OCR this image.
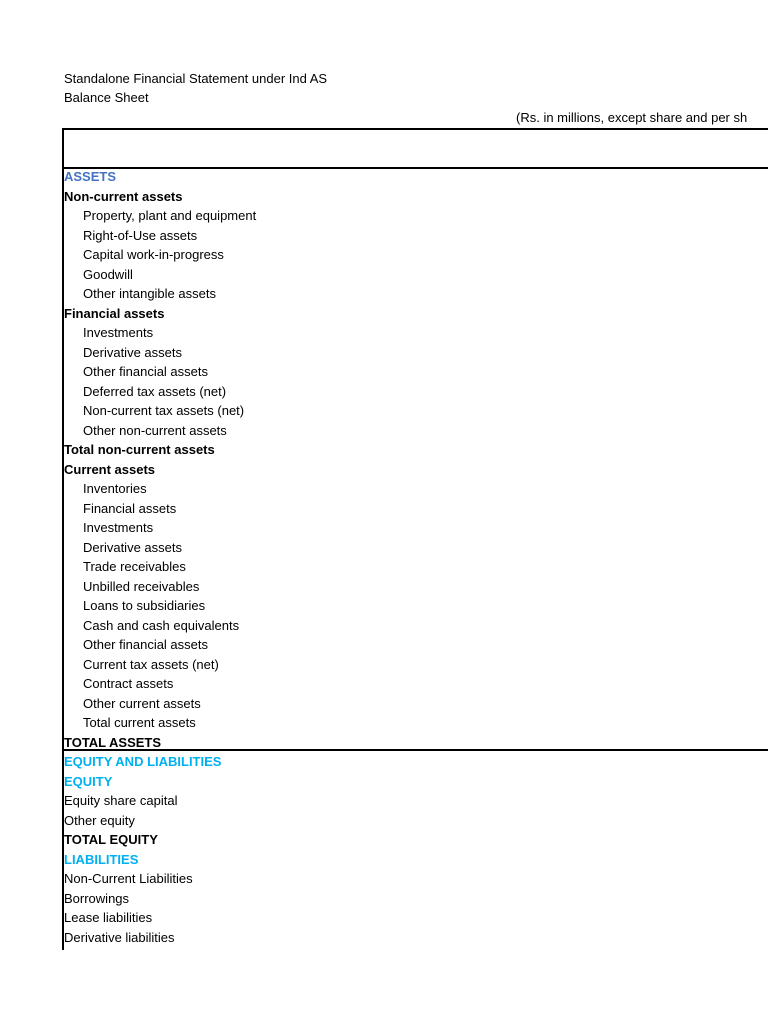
Standalone Financial Statement under Ind AS
Balance Sheet
(Rs. in millions, except share and per sh
ASSETS
Non-current assets
Property, plant and equipment
Right-of-Use assets
Capital work-in-progress
Goodwill
Other intangible assets
Financial assets
Investments
Derivative assets
Other financial assets
Deferred tax assets (net)
Non-current tax assets (net)
Other non-current assets
Total non-current assets
Current assets
Inventories
Financial assets
Investments
Derivative assets
Trade receivables
Unbilled receivables
Loans to subsidiaries
Cash and cash equivalents
Other financial assets
Current tax assets (net)
Contract assets
Other current assets
Total current assets
TOTAL ASSETS
EQUITY AND LIABILITIES
EQUITY
Equity share capital
Other equity
TOTAL EQUITY
LIABILITIES
Non-Current Liabilities
Borrowings
Lease liabilities
Derivative liabilities
